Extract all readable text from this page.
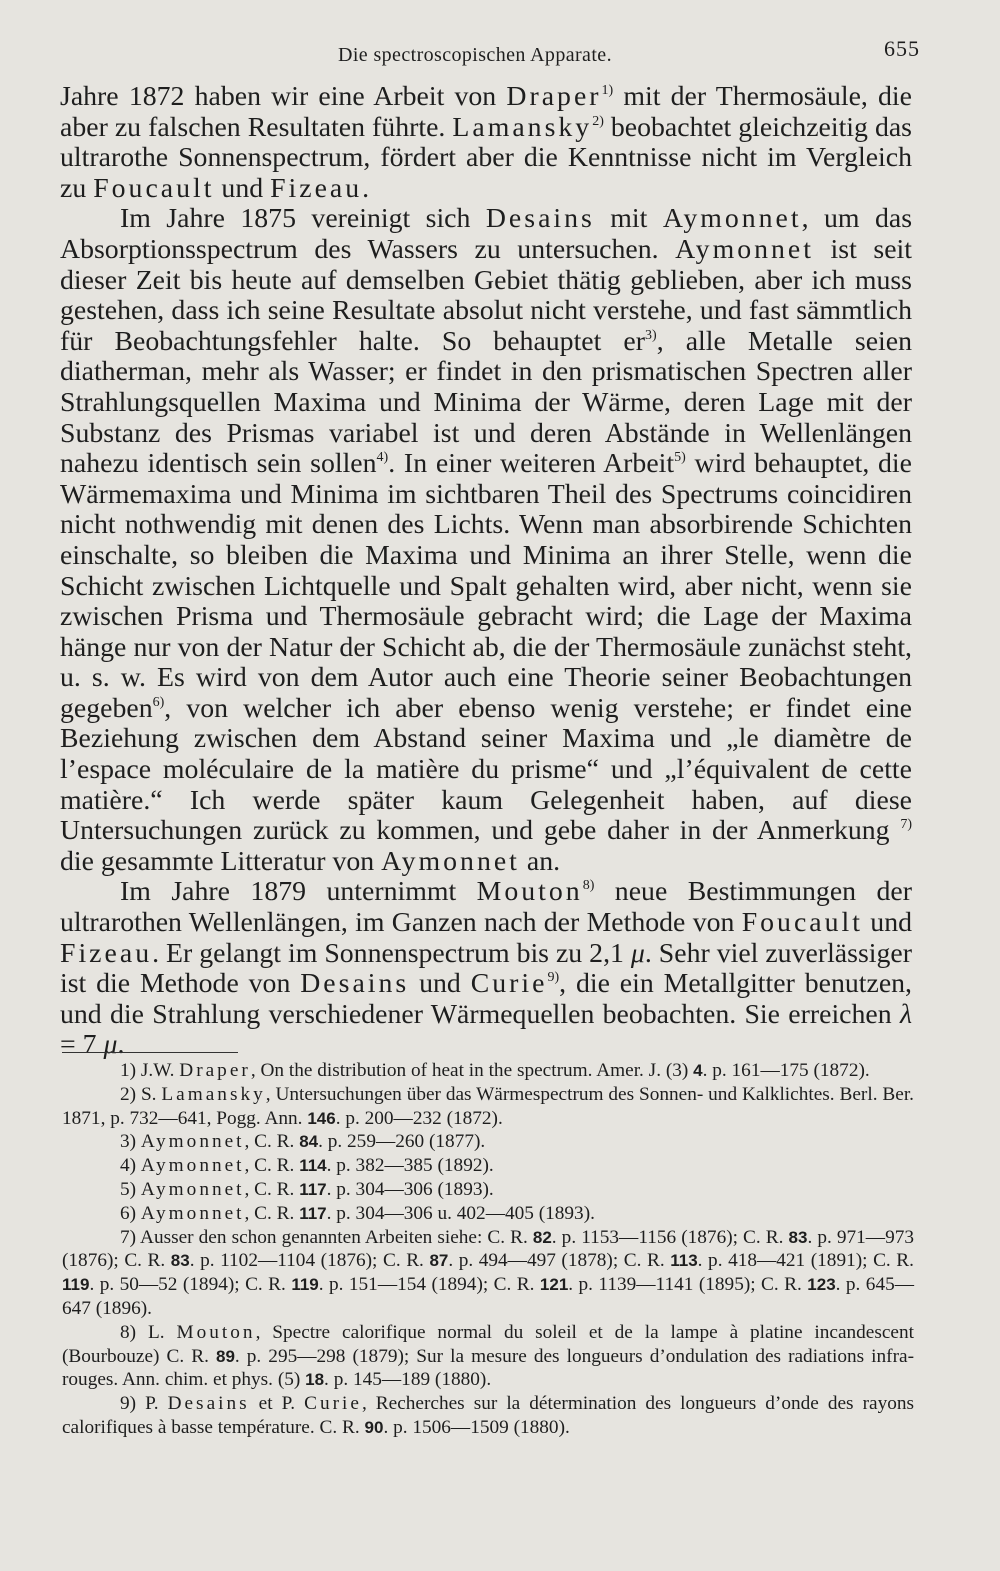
Die spectroscopischen Apparate.	655

Jahre 1872 haben wir eine Arbeit von Draper$^{1)}$ mit der Thermosäule, die aber zu falschen Resultaten führte. Lamansky$^{2)}$ beobachtet gleichzeitig das ultrarothe Sonnenspectrum, fördert aber die Kenntnisse nicht im Vergleich zu Foucault und Fizeau.

Im Jahre 1875 vereinigt sich Desains mit Aymonnet, um das Absorptionsspectrum des Wassers zu untersuchen. Aymonnet ist seit dieser Zeit bis heute auf demselben Gebiet thätig geblieben, aber ich muss gestehen, dass ich seine Resultate absolut nicht verstehe, und fast sämmtlich für Beobachtungsfehler halte. So behauptet er$^{3)}$, alle Metalle seien diatherman, mehr als Wasser; er findet in den prismatischen Spectren aller Strahlungsquellen Maxima und Minima der Wärme, deren Lage mit der Substanz des Prismas variabel ist und deren Abstände in Wellenlängen nahezu identisch sein sollen$^{4)}$. In einer weiteren Arbeit$^{5)}$ wird behauptet, die Wärmemaxima und Minima im sichtbaren Theil des Spectrums coincidiren nicht nothwendig mit denen des Lichts. Wenn man absorbirende Schichten einschalte, so bleiben die Maxima und Minima an ihrer Stelle, wenn die Schicht zwischen Lichtquelle und Spalt gehalten wird, aber nicht, wenn sie zwischen Prisma und Thermosäule gebracht wird; die Lage der Maxima hänge nur von der Natur der Schicht ab, die der Thermosäule zunächst steht, u. s. w. Es wird von dem Autor auch eine Theorie seiner Beobachtungen gegeben$^{6)}$, von welcher ich aber ebenso wenig verstehe; er findet eine Beziehung zwischen dem Abstand seiner Maxima und „le diamètre de l’espace moléculaire de la matière du prisme“ und „l’équivalent de cette matière.“ Ich werde später kaum Gelegenheit haben, auf diese Untersuchungen zurück zu kommen, und gebe daher in der Anmerkung $^{7)}$ die gesammte Litteratur von Aymonnet an.

Im Jahre 1879 unternimmt Mouton$^{8)}$ neue Bestimmungen der ultrarothen Wellenlängen, im Ganzen nach der Methode von Foucault und Fizeau. Er gelangt im Sonnenspectrum bis zu 2,1 μ. Sehr viel zuverlässiger ist die Methode von Desains und Curie$^{9)}$, die ein Metallgitter benutzen, und die Strahlung verschiedener Wärmequellen beobachten. Sie erreichen λ = 7 μ.

1) J.W. Draper, On the distribution of heat in the spectrum. Amer. J. (3) 4. p. 161—175 (1872).

2) S. Lamansky, Untersuchungen über das Wärmespectrum des Sonnen- und Kalklichtes. Berl. Ber. 1871, p. 732—641, Pogg. Ann. 146. p. 200—232 (1872).

3) Aymonnet, C. R. 84. p. 259—260 (1877).

4) Aymonnet, C. R. 114. p. 382—385 (1892).

5) Aymonnet, C. R. 117. p. 304—306 (1893).

6) Aymonnet, C. R. 117. p. 304—306 u. 402—405 (1893).

7) Ausser den schon genannten Arbeiten siehe: C. R. 82. p. 1153—1156 (1876); C. R. 83. p. 971—973 (1876); C. R. 83. p. 1102—1104 (1876); C. R. 87. p. 494—497 (1878); C. R. 113. p. 418—421 (1891); C. R. 119. p. 50—52 (1894); C. R. 119. p. 151—154 (1894); C. R. 121. p. 1139—1141 (1895); C. R. 123. p. 645—647 (1896).

8) L. Mouton, Spectre calorifique normal du soleil et de la lampe à platine incandescent (Bourbouze) C. R. 89. p. 295—298 (1879); Sur la mesure des longueurs d’ondulation des radiations infra-rouges. Ann. chim. et phys. (5) 18. p. 145—189 (1880).

9) P. Desains et P. Curie, Recherches sur la détermination des longueurs d’onde des rayons calorifiques à basse température. C. R. 90. p. 1506—1509 (1880).
